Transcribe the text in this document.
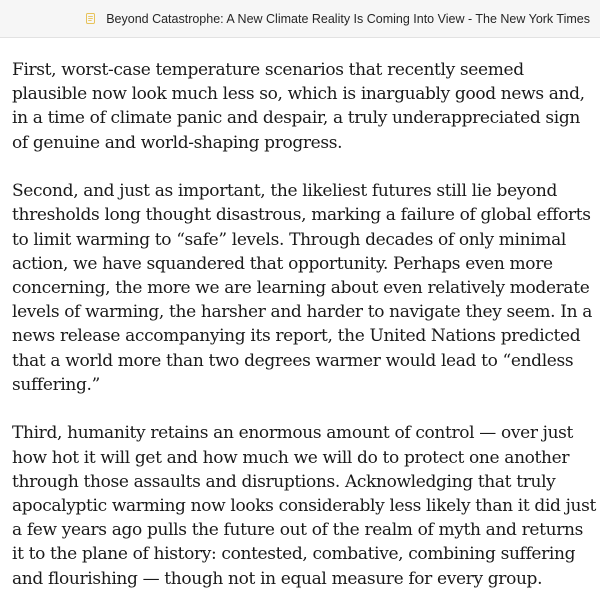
Beyond Catastrophe: A New Climate Reality Is Coming Into View - The New York Times

First, worst-case temperature scenarios that recently seemed plausible now look much less so, which is inarguably good news and, in a time of climate panic and despair, a truly underappreciated sign of genuine and world-shaping progress.

Second, and just as important, the likeliest futures still lie beyond thresholds long thought disastrous, marking a failure of global efforts to limit warming to “safe” levels. Through decades of only minimal action, we have squandered that opportunity. Perhaps even more concerning, the more we are learning about even relatively moderate levels of warming, the harsher and harder to navigate they seem. In a news release accompanying its report, the United Nations predicted that a world more than two degrees warmer would lead to “endless suffering.”

Third, humanity retains an enormous amount of control — over just how hot it will get and how much we will do to protect one another through those assaults and disruptions. Acknowledging that truly apocalyptic warming now looks considerably less likely than it did just a few years ago pulls the future out of the realm of myth and returns it to the plane of history: contested, combative, combining suffering and flourishing — though not in equal measure for every group.
